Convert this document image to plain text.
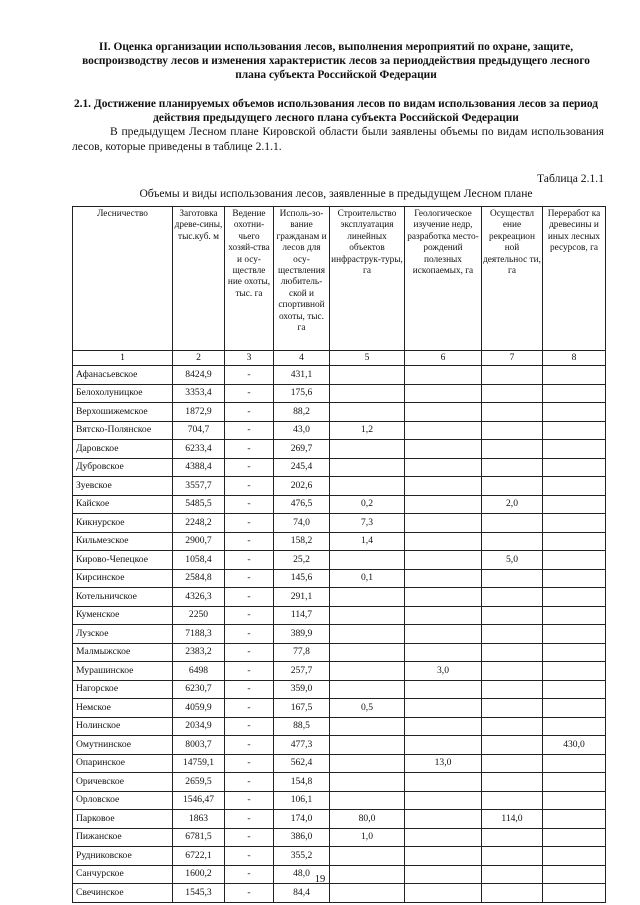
II. Оценка организации использования лесов, выполнения мероприятий по охране, защите, воспроизводству лесов и изменения характеристик лесов за периоддействия предыдущего лесного плана субъекта Российской Федерации
2.1. Достижение планируемых объемов использования лесов по видам использования лесов за период действия предыдущего лесного плана субъекта Российской Федерации
В предыдущем Лесном плане Кировской области были заявлены объемы по видам использования лесов, которые приведены в таблице 2.1.1.
Таблица 2.1.1
Объемы и виды использования лесов, заявленные в предыдущем Лесном плане
Лесничество	Заготовка древе-сины, тыс.куб. м	Ведение охотни-чьего хозяй-ства и осу-ществле ние охоты, тыс. га	Исполь-зо-вание гражданам и лесов для осу-ществления любитель-ской и спортивной охоты, тыс. га	Строительство эксплуатация линейных объектов инфраструк-туры, га	Геологическое изучение недр, разработка место-рождений полезных ископаемых, га	Осуществл ение рекреацион ной деятельнос ти, га	Переработ ка древесины и иных лесных ресурсов, га
1	2	3	4	5	6	7	8
Афанасьевское	8424,9	-	431,1				
Белохолуницкое	3353,4	-	175,6				
Верхошижемское	1872,9	-	88,2				
Вятско-Полянское	704,7	-	43,0	1,2			
Даровское	6233,4	-	269,7				
Дубровское	4388,4	-	245,4				
Зуевское	3557,7	-	202,6				
Кайское	5485,5	-	476,5	0,2		2,0	
Кикнурское	2248,2	-	74,0	7,3			
Кильмезское	2900,7	-	158,2	1,4			
Кирово-Чепецкое	1058,4	-	25,2			5,0	
Кирсинское	2584,8	-	145,6	0,1			
Котельничское	4326,3	-	291,1				
Куменское	2250	-	114,7				
Лузское	7188,3	-	389,9				
Малмыжское	2383,2	-	77,8				
Мурашинское	6498	-	257,7		3,0		
Нагорское	6230,7	-	359,0				
Немское	4059,9	-	167,5	0,5			
Нолинское	2034,9	-	88,5				
Омутнинское	8003,7	-	477,3				430,0
Опаринское	14759,1	-	562,4		13,0		
Оричевское	2659,5	-	154,8				
Орловское	1546,47	-	106,1				
Парковое	1863	-	174,0	80,0		114,0	
Пижанское	6781,5	-	386,0	1,0			
Рудниковское	6722,1	-	355,2				
Санчурское	1600,2	-	48,0				
Свечинское	1545,3	-	84,4				
19
